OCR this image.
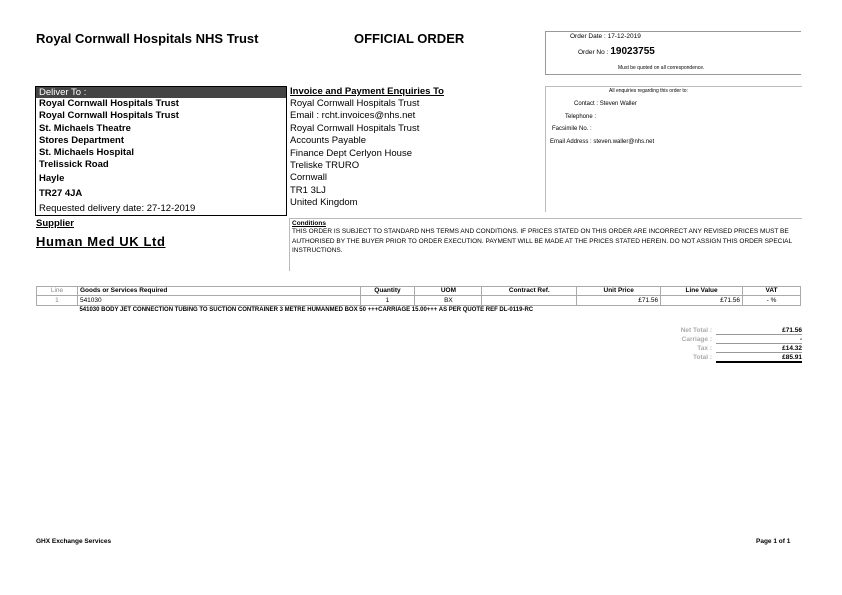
Royal Cornwall Hospitals NHS Trust	OFFICIAL ORDER	Order Date : 17-12-2019
Order No : 19023755
Must be quoted on all correspondence.
Deliver To :
Royal Cornwall Hospitals Trust
Royal Cornwall Hospitals Trust
St. Michaels Theatre
Stores Department
St. Michaels Hospital
Trelissick Road
Hayle
TR27 4JA
Requested delivery date: 27-12-2019
Invoice and Payment Enquiries To
Royal Cornwall Hospitals Trust
Email : rcht.invoices@nhs.net
Royal Cornwall Hospitals Trust
Accounts Payable
Finance Dept Cerlyon House
Treliske TRURO
Cornwall
TR1 3LJ
United Kingdom
All enquiries regarding this order to:
Contact : Steven Waller
Telephone :
Facsimile No. :
Email Address : steven.waller@nhs.net
Supplier
Human Med UK Ltd
Conditions
THIS ORDER IS SUBJECT TO STANDARD NHS TERMS AND CONDITIONS. IF PRICES STATED ON THIS ORDER ARE INCORRECT ANY REVISED PRICES MUST BE AUTHORISED BY THE BUYER PRIOR TO ORDER EXECUTION. PAYMENT WILL BE MADE AT THE PRICES STATED HEREIN. DO NOT ASSIGN THIS ORDER SPECIAL INSTRUCTIONS.
Line	Goods or Services Required	Quantity	UOM	Contract Ref.	Unit Price	Line Value	VAT
1	541030	1	BX		£71.56	£71.56	- %
	541030 BODY JET CONNECTION TUBING TO SUCTION CONTRAINER 3 METRE HUMANMED BOX 50 +++CARRIAGE 15.00+++ AS PER QUOTE REF DL-0119-RC						
Net Total :	£71.56
Carriage :	-
Tax :	£14.32
Total :	£85.91
GHX Exchange Services	Page 1 of 1
